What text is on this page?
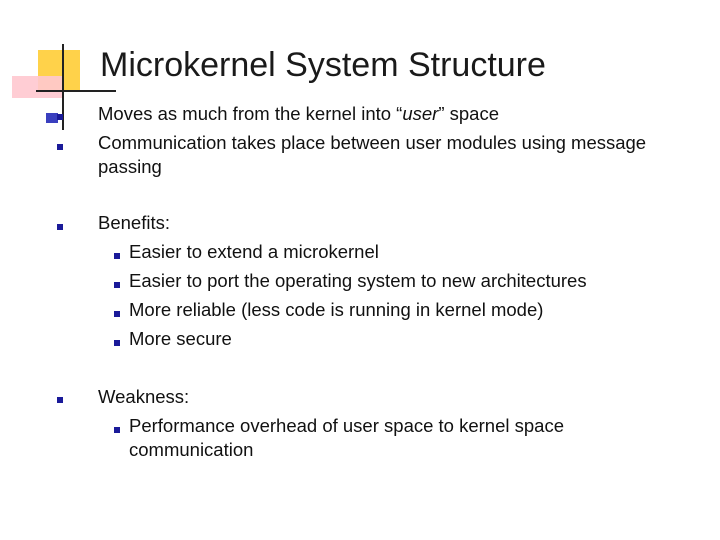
Microkernel System Structure
Moves as much from the kernel into “user” space
Communication takes place between user modules using message passing
Benefits:
Easier to extend a microkernel
Easier to port the operating system to new architectures
More reliable (less code is running in kernel mode)
More secure
Weakness:
Performance overhead of user space to kernel space communication
